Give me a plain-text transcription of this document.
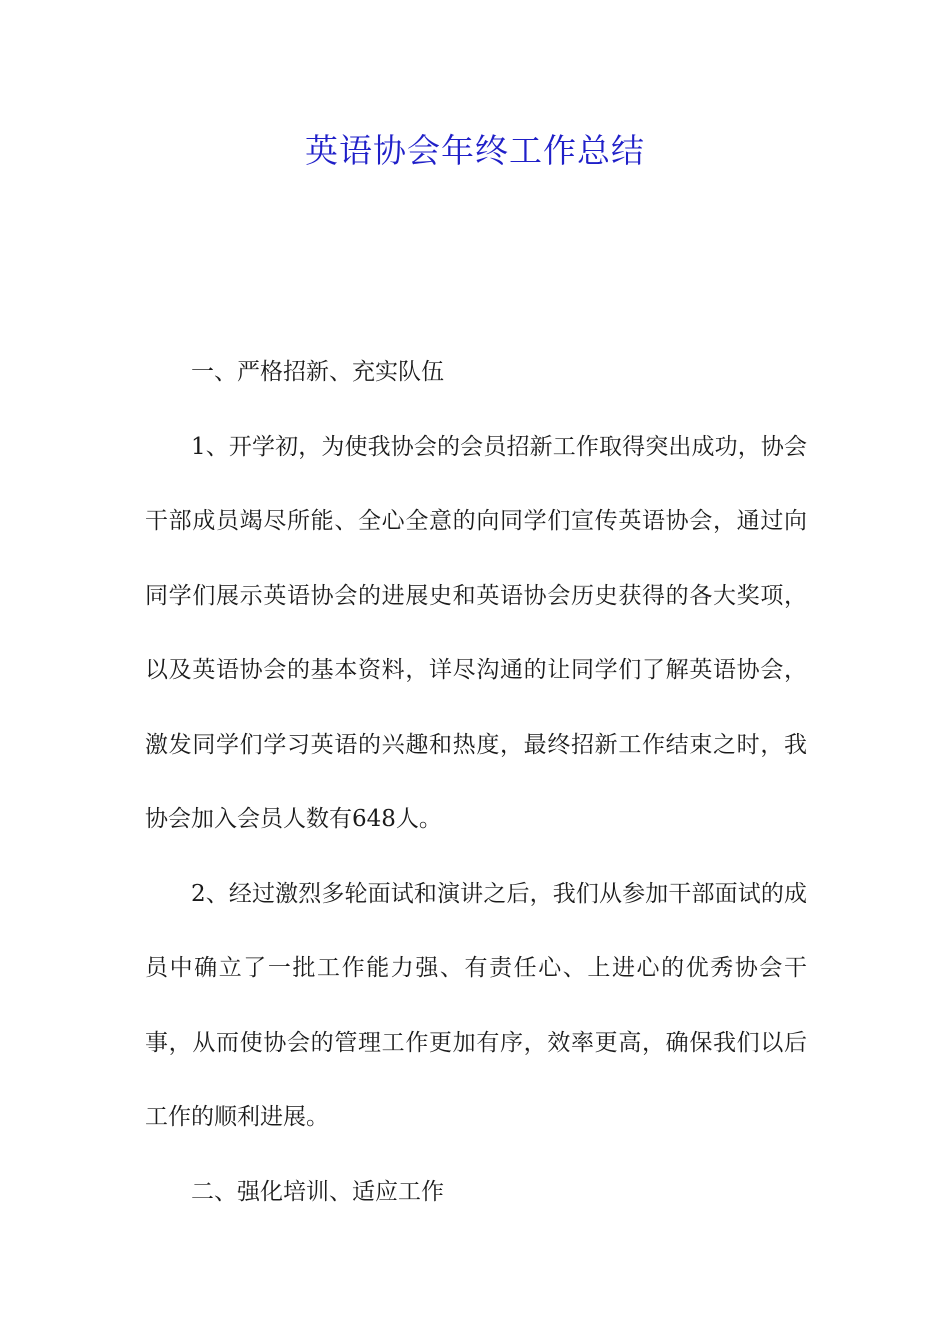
英语协会年终工作总结

一、严格招新、充实队伍

1、开学初，为使我协会的会员招新工作取得突出成功，协会干部成员竭尽所能、全心全意的向同学们宣传英语协会，通过向同学们展示英语协会的进展史和英语协会历史获得的各大奖项，以及英语协会的基本资料，详尽沟通的让同学们了解英语协会，激发同学们学习英语的兴趣和热度，最终招新工作结束之时，我协会加入会员人数有648人。

2、经过激烈多轮面试和演讲之后，我们从参加干部面试的成员中确立了一批工作能力强、有责任心、上进心的优秀协会干事，从而使协会的管理工作更加有序，效率更高，确保我们以后工作的顺利进展。

二、强化培训、适应工作
